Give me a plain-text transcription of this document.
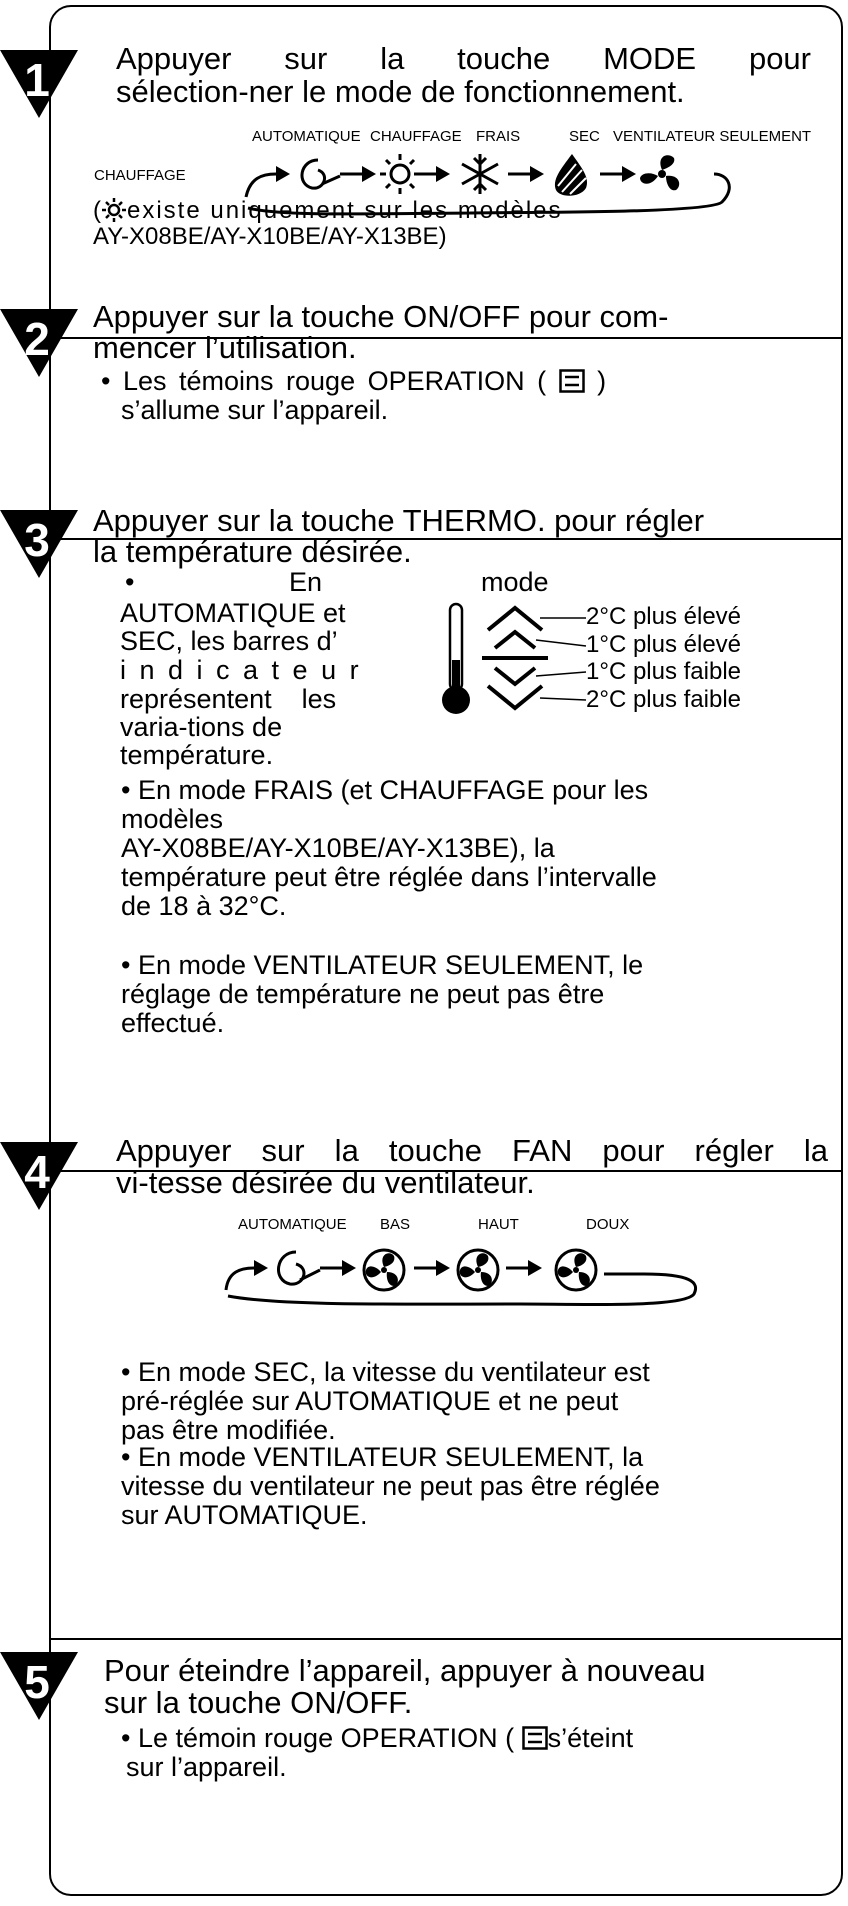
1 Appuyer sur la touche MODE pour

sélection-ner le mode de fonctionnement.

AUTOMATIQUE CHAUFFAGE FRAIS	SEC VENTILATEUR SEULEMENT
CHAUFFAGE

( existe uniquement sur les modèles

AY-X08BE/AY-X10BE/AY-X13BE)

2 Appuyer sur la touche ON/OFF pour com-

mencer l’utilisation.

• Les témoins rouge OPERATION ( )

s’allume sur l’appareil.

3 Appuyer sur la touche THERMO. pour régler

la température désirée.

•	En	mode
AUTOMATIQUE et
SEC, les barres d’
indicateur
représentent    les
varia-tions de
température.
2°C plus élevé
1°C plus élevé
1°C plus faible
2°C plus faible

• En mode FRAIS (et CHAUFFAGE pour les
modèles
AY-X08BE/AY-X10BE/AY-X13BE), la
température peut être réglée dans l’intervalle
de 18 à 32°C.

• En mode VENTILATEUR SEULEMENT, le
réglage de température ne peut pas être
effectué.

4 Appuyer sur la touche FAN pour régler la

vi-tesse désirée du ventilateur.

AUTOMATIQUE BAS	HAUT	DOUX

• En mode SEC, la vitesse du ventilateur est
pré-réglée sur AUTOMATIQUE et ne peut
pas être modifiée.

• En mode VENTILATEUR SEULEMENT, la
vitesse du ventilateur ne peut pas être réglée
sur AUTOMATIQUE.

5 Pour éteindre l’appareil, appuyer à nouveau

sur la touche ON/OFF.

• Le témoin rouge OPERATION ( s’éteint

sur l’appareil.
